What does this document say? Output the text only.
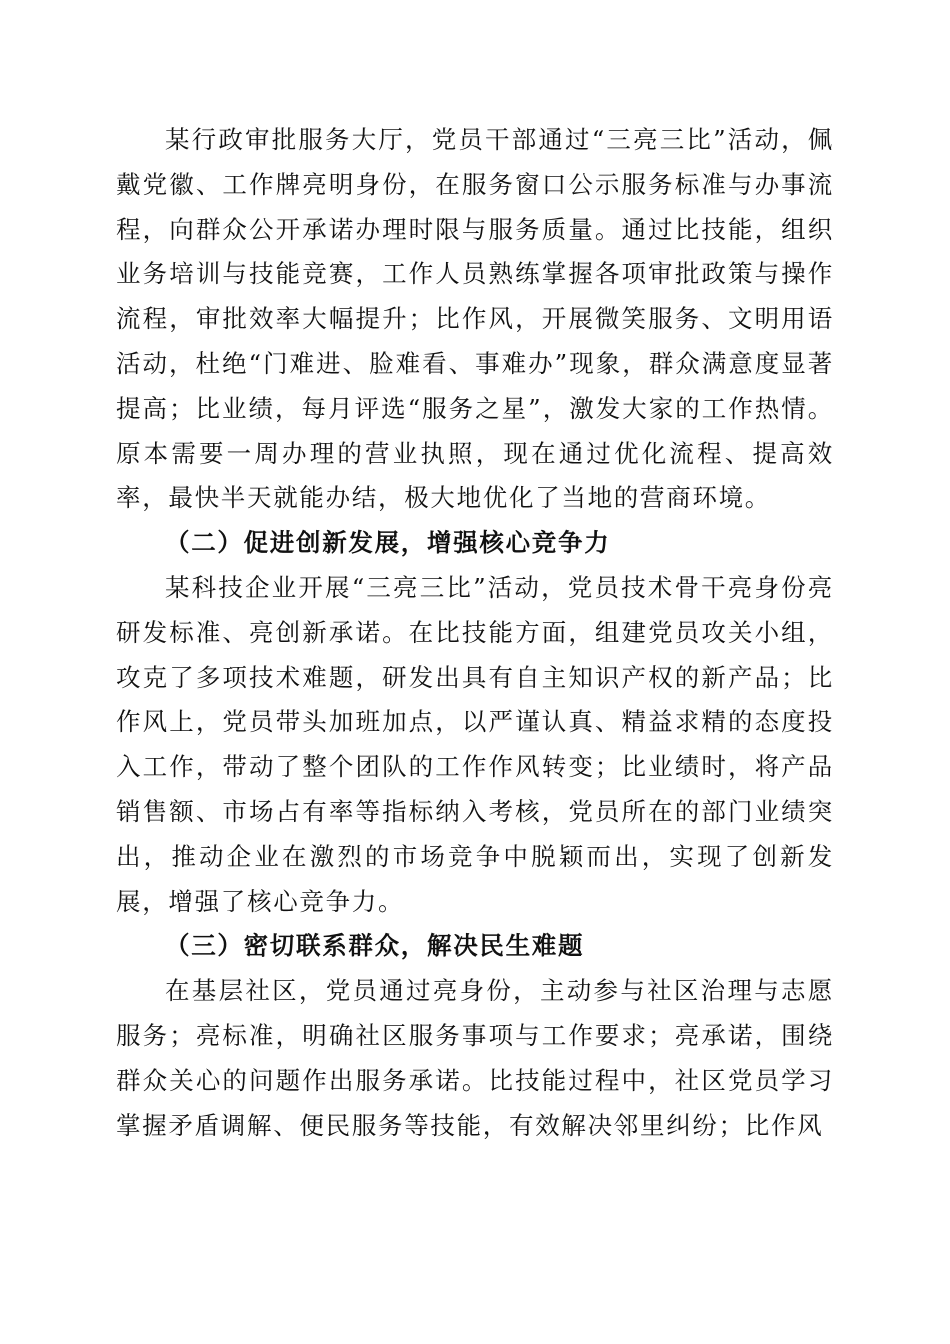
某行政审批服务大厅，党员干部通过“三亮三比”活动，佩戴党徽、工作牌亮明身份，在服务窗口公示服务标准与办事流程，向群众公开承诺办理时限与服务质量。通过比技能，组织业务培训与技能竞赛，工作人员熟练掌握各项审批政策与操作流程，审批效率大幅提升；比作风，开展微笑服务、文明用语活动，杜绝“门难进、脸难看、事难办”现象，群众满意度显著提高；比业绩，每月评选“服务之星”，激发大家的工作热情。原本需要一周办理的营业执照，现在通过优化流程、提高效率，最快半天就能办结，极大地优化了当地的营商环境。

（二）促进创新发展，增强核心竞争力

某科技企业开展“三亮三比”活动，党员技术骨干亮身份亮研发标准、亮创新承诺。在比技能方面，组建党员攻关小组，攻克了多项技术难题，研发出具有自主知识产权的新产品；比作风上，党员带头加班加点，以严谨认真、精益求精的态度投入工作，带动了整个团队的工作作风转变；比业绩时，将产品销售额、市场占有率等指标纳入考核，党员所在的部门业绩突出，推动企业在激烈的市场竞争中脱颖而出，实现了创新发展，增强了核心竞争力。

（三）密切联系群众，解决民生难题

在基层社区，党员通过亮身份，主动参与社区治理与志愿服务；亮标准，明确社区服务事项与工作要求；亮承诺，围绕群众关心的问题作出服务承诺。比技能过程中，社区党员学习掌握矛盾调解、便民服务等技能，有效解决邻里纠纷；比作风
